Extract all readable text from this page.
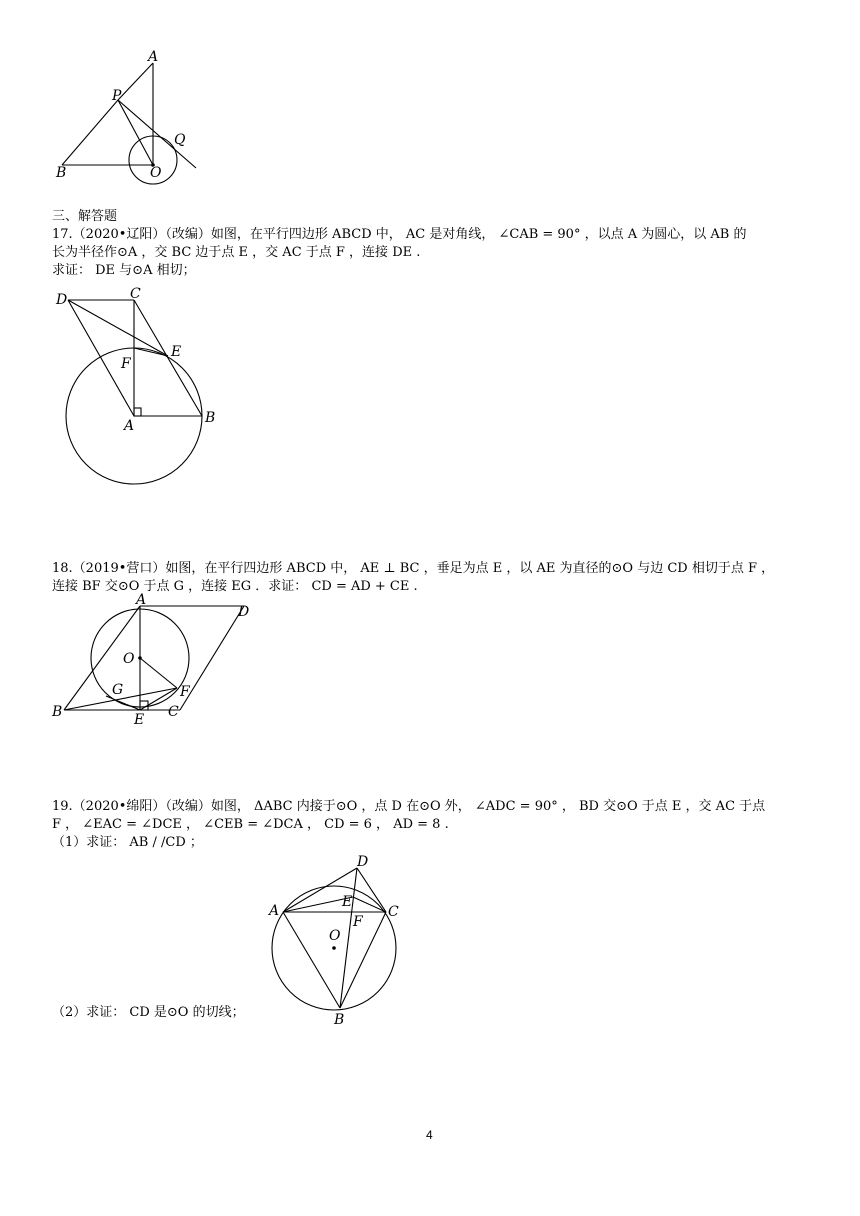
A
P
Q
B	O
三、解答题
17.（2020•辽阳）（改编）如图，在平行四边形 ABCD 中， AC 是对角线， ∠CAB = 90° ，以点 A 为圆心，以 AB 的
长为半径作⊙A ，交 BC 边于点 E ，交 AC 于点 F ，连接 DE .
求证： DE 与⊙A 相切；
D	C
E
F
A	B
18.（2019•营口）如图，在平行四边形 ABCD 中， AE ⊥ BC ，垂足为点 E ，以 AE 为直径的⊙O 与边 CD 相切于点 F ，
连接 BF 交⊙O 于点 G ，连接 EG ．求证： CD = AD + CE .
A
D
O
G	F
B	E C
19.（2020•绵阳）（改编）如图， ΔABC 内接于⊙O ，点 D 在⊙O 外， ∠ADC = 90° ， BD 交⊙O 于点 E ，交 AC 于点
F ， ∠EAC = ∠DCE ， ∠CEB = ∠DCA ， CD = 6 ， AD = 8 .
（1）求证： AB / /CD ；
D
A
E
C
F
O
B
（2）求证： CD 是⊙O 的切线；
4
